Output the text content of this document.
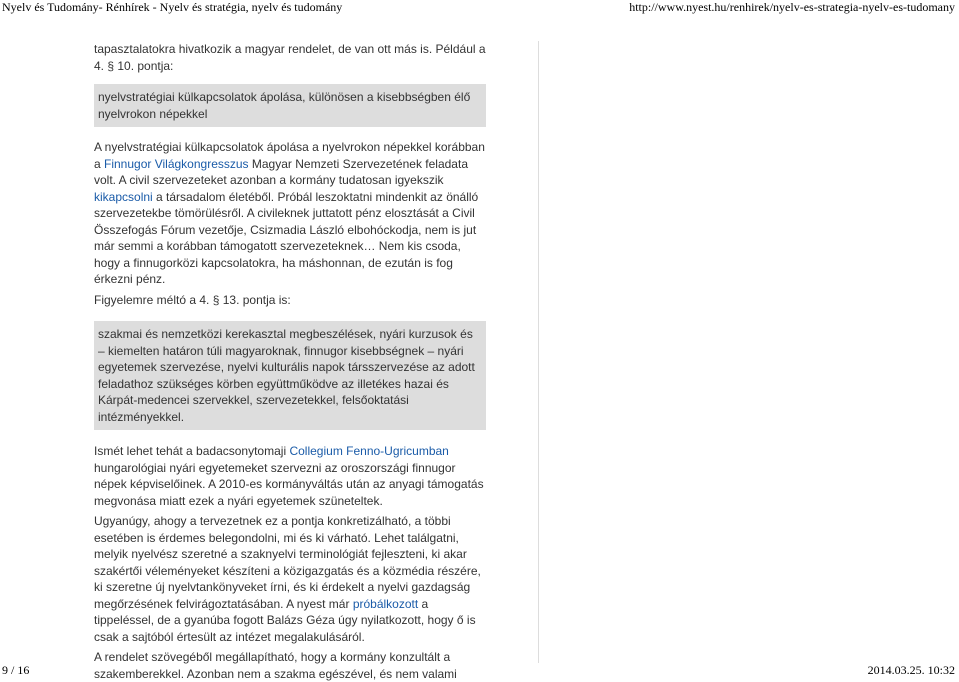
Nyelv és Tudomány- Rénhírek - Nyelv és stratégia, nyelv és tudomány	http://www.nyest.hu/renhirek/nyelv-es-strategia-nyelv-es-tudomany

tapasztalatokra hivatkozik a magyar rendelet, de van ott más is. Például a 4. § 10. pontja:

nyelvstratégiai külkapcsolatok ápolása, különösen a kisebbségben élő nyelvrokon népekkel

A nyelvstratégiai külkapcsolatok ápolása a nyelvrokon népekkel korábban a Finnugor Világkongresszus Magyar Nemzeti Szervezetének feladata volt. A civil szervezeteket azonban a kormány tudatosan igyekszik kikapcsolni a társadalom életéből. Próbál leszoktatni mindenkit az önálló szervezetekbe tömörülésről. A civileknek juttatott pénz elosztását a Civil Összefogás Fórum vezetője, Csizmadia László elbohóckodja, nem is jut már semmi a korábban támogatott szervezeteknek… Nem kis csoda, hogy a finnugorközi kapcsolatokra, ha máshonnan, de ezután is fog érkezni pénz.

Figyelemre méltó a 4. § 13. pontja is:

szakmai és nemzetközi kerekasztal megbeszélések, nyári kurzusok és – kiemelten határon túli magyaroknak, finnugor kisebbségnek – nyári egyetemek szervezése, nyelvi kulturális napok társszervezése az adott feladathoz szükséges körben együttműködve az illetékes hazai és Kárpát-medencei szervekkel, szervezetekkel, felsőoktatási intézményekkel.

Ismét lehet tehát a badacsonytomaji Collegium Fenno-Ugricumban hungarológiai nyári egyetemeket szervezni az oroszországi finnugor népek képviselőinek. A 2010-es kormányváltás után az anyagi támogatás megvonása miatt ezek a nyári egyetemek szüneteltek.

Ugyanúgy, ahogy a tervezetnek ez a pontja konkretizálható, a többi esetében is érdemes belegondolni, mi és ki várható. Lehet találgatni, melyik nyelvész szeretné a szaknyelvi terminológiát fejleszteni, ki akar szakértői véleményeket készíteni a közigazgatás és a közmédia részére, ki szeretne új nyelvtankönyveket írni, és ki érdekelt a nyelvi gazdagság megőrzésének felvirágoztatásában. A nyest már próbálkozott a tippeléssel, de a gyanúba fogott Balázs Géza úgy nyilatkozott, hogy ő is csak a sajtóból értesült az intézet megalakulásáról.

A rendelet szövegéből megállapítható, hogy a kormány konzultált a szakemberekkel. Azonban nem a szakma egészével, és nem valami

9 / 16	2014.03.25. 10:32
